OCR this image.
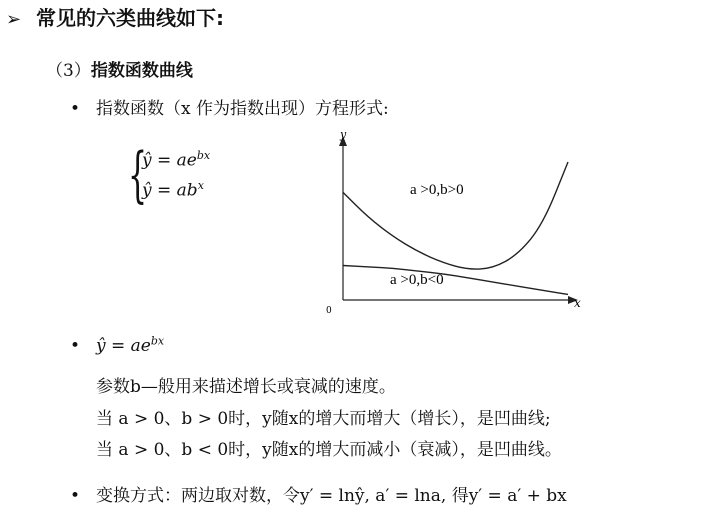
➢ 常见的六类曲线如下:
（3）指数函数曲线
• 指数函数（x 作为指数出现）方程形式:
{
ŷ = $ae^{bx}$
ŷ = $ab^x$
y
x
0
a >0,b>0
a >0,b<0
• ŷ = $ae^{bx}$
参数b—般用来描述增长或衰减的速度。
当 a > 0、b > 0时，y随x的增大而增大（增长），是凹曲线;
当 a > 0、b < 0时，y随x的增大而减小（衰减），是凹曲线。
• 变换方式：两边取对数，令y′ = lnŷ, a′ = lna, 得y′ = a′ + bx
